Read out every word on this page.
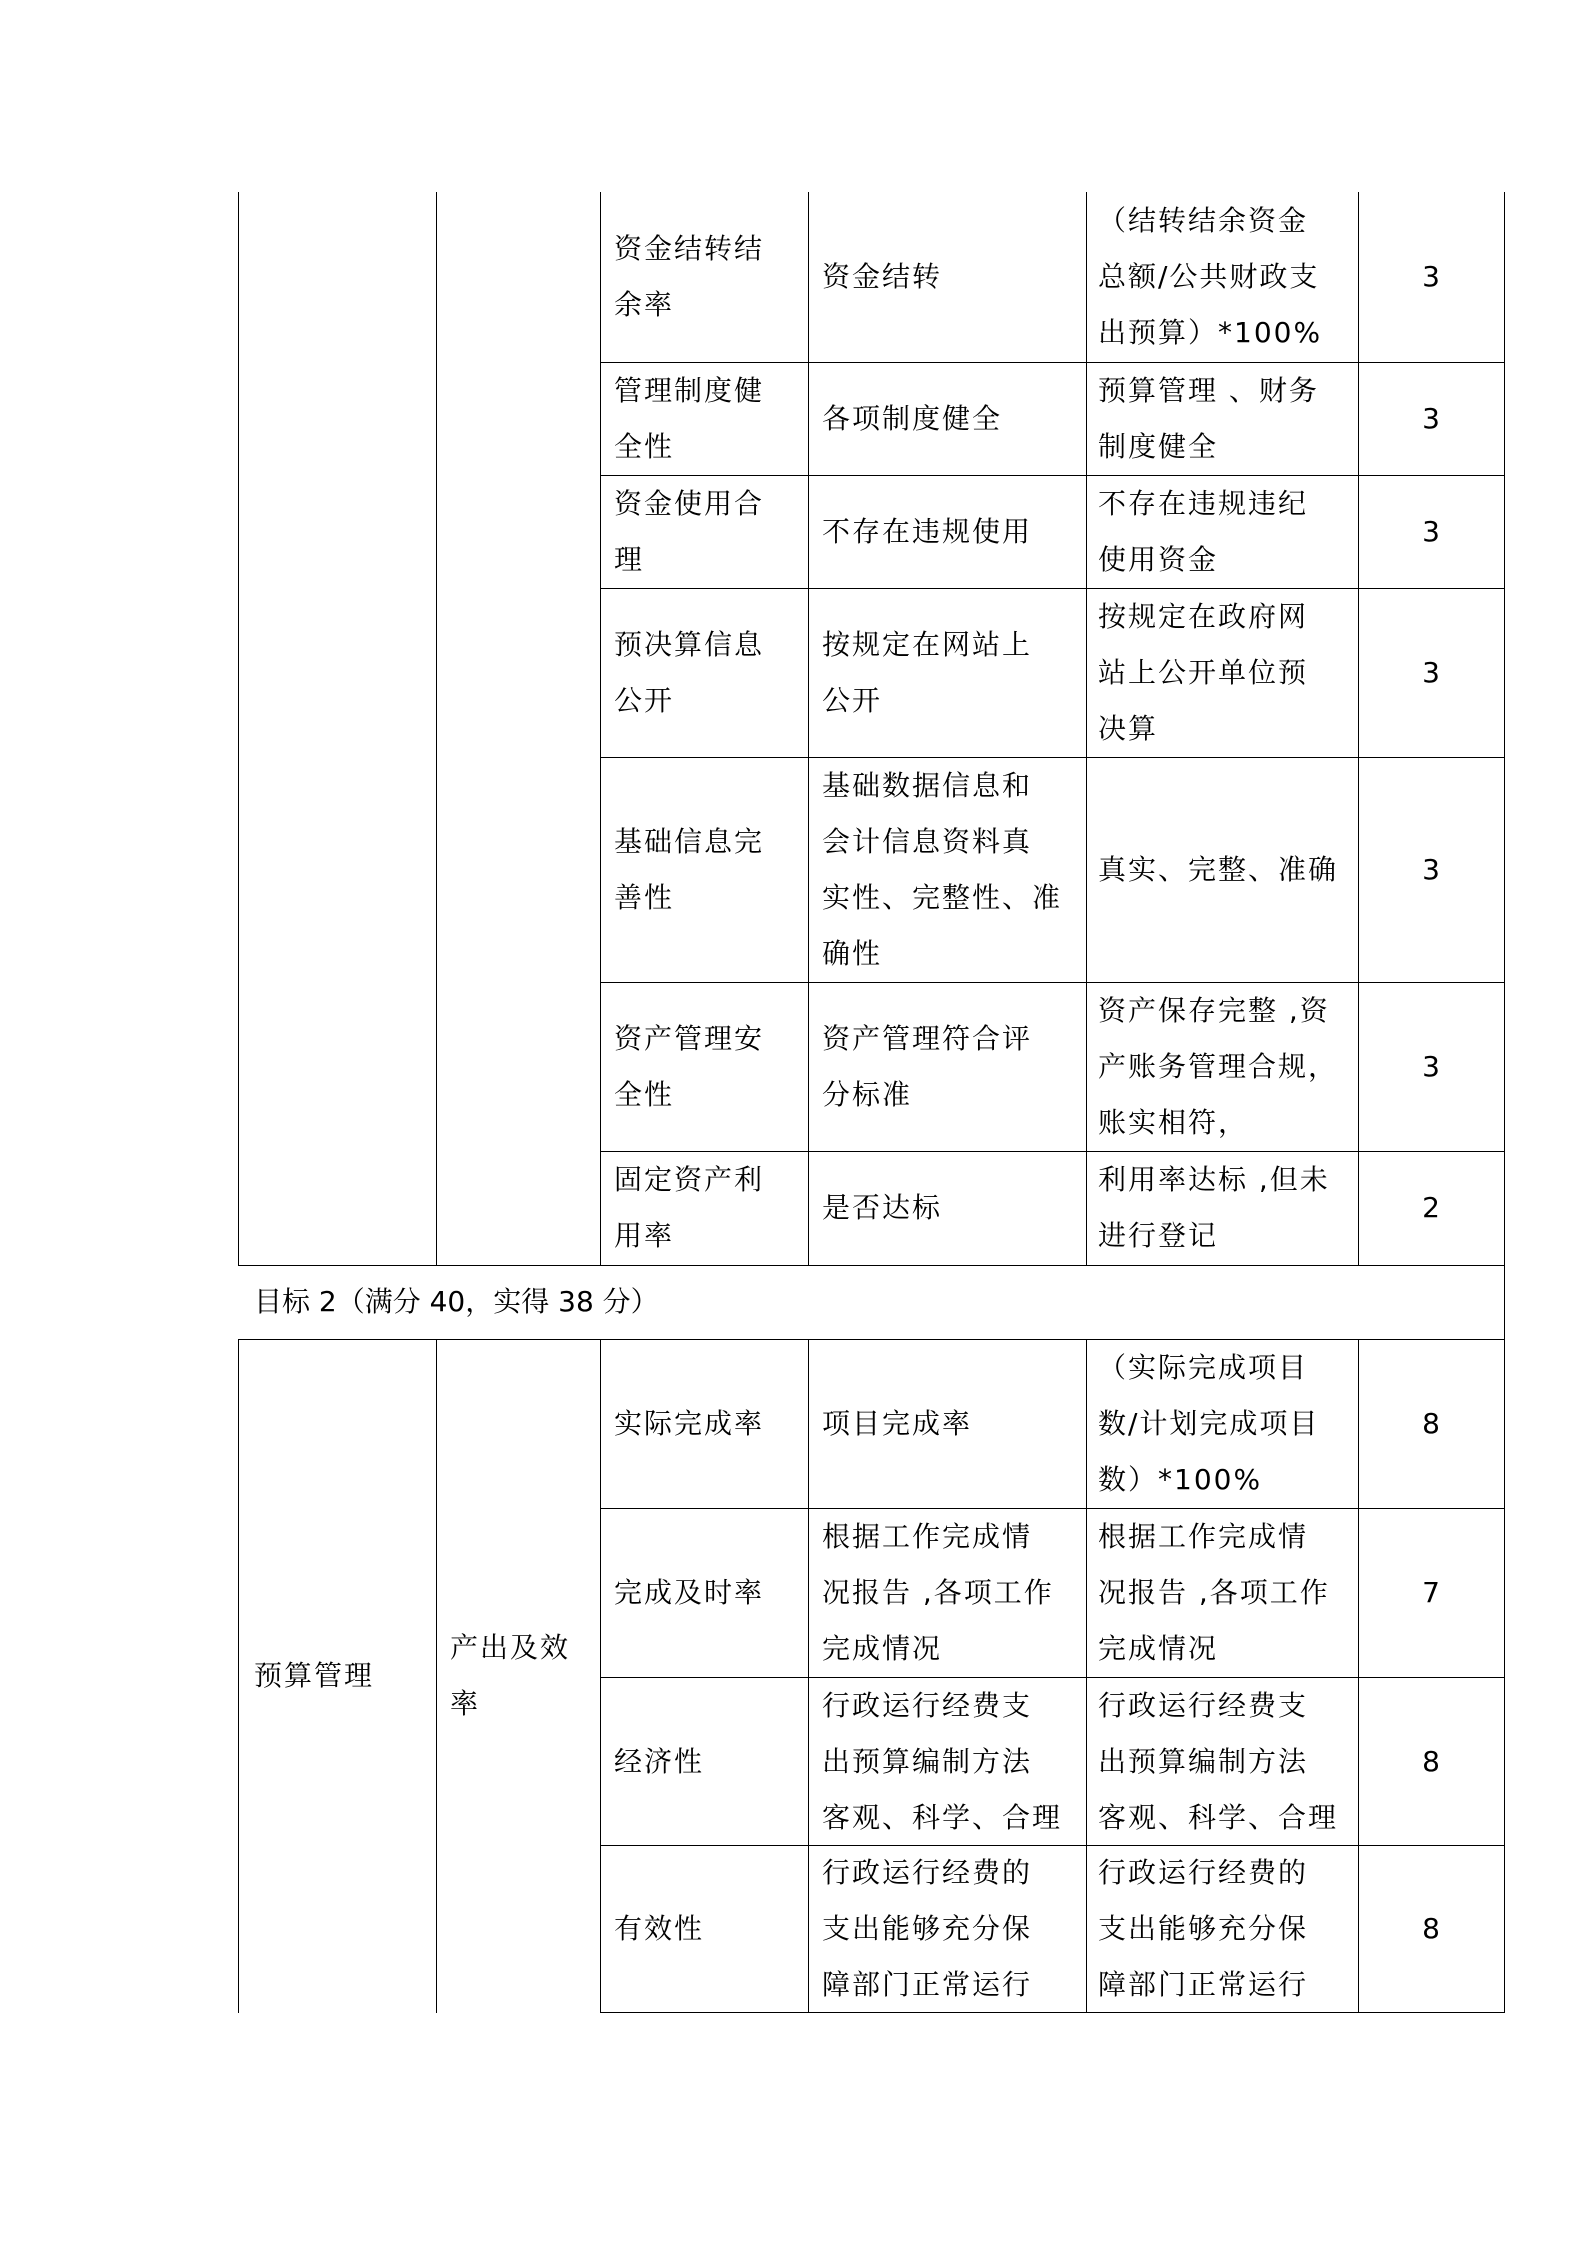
目标 2（满分 40，实得 38 分）
资金结转结
余率
资金结转
（结转结余资金
总额/公共财政支
出预算）*100%
3
管理制度健
全性
各项制度健全
预算管理 、财务
制度健全
3
资金使用合
理
不存在违规使用
不存在违规违纪
使用资金
3
预决算信息
公开
按规定在网站上
公开
按规定在政府网
站上公开单位预
决算
3
基础信息完
善性
基础数据信息和
会计信息资料真
实性、完整性、准
确性
真实、完整、准确	3
资产管理安
全性
资产管理符合评
分标准
资产保存完整 ,资
产账务管理合规，
账实相符，
3
固定资产利
用率
是否达标
利用率达标 ,但未
进行登记
2
预算管理
产出及效
率
实际完成率 项目完成率
（实际完成项目
数/计划完成项目
数）*100%
8
完成及时率
根据工作完成情
况报告 ,各项工作
完成情况
根据工作完成情
况报告 ,各项工作
完成情况
7
经济性
行政运行经费支
出预算编制方法
客观、科学、合理
行政运行经费支
出预算编制方法
客观、科学、合理
8
有效性
行政运行经费的
支出能够充分保
障部门正常运行
行政运行经费的
支出能够充分保
障部门正常运行
8
